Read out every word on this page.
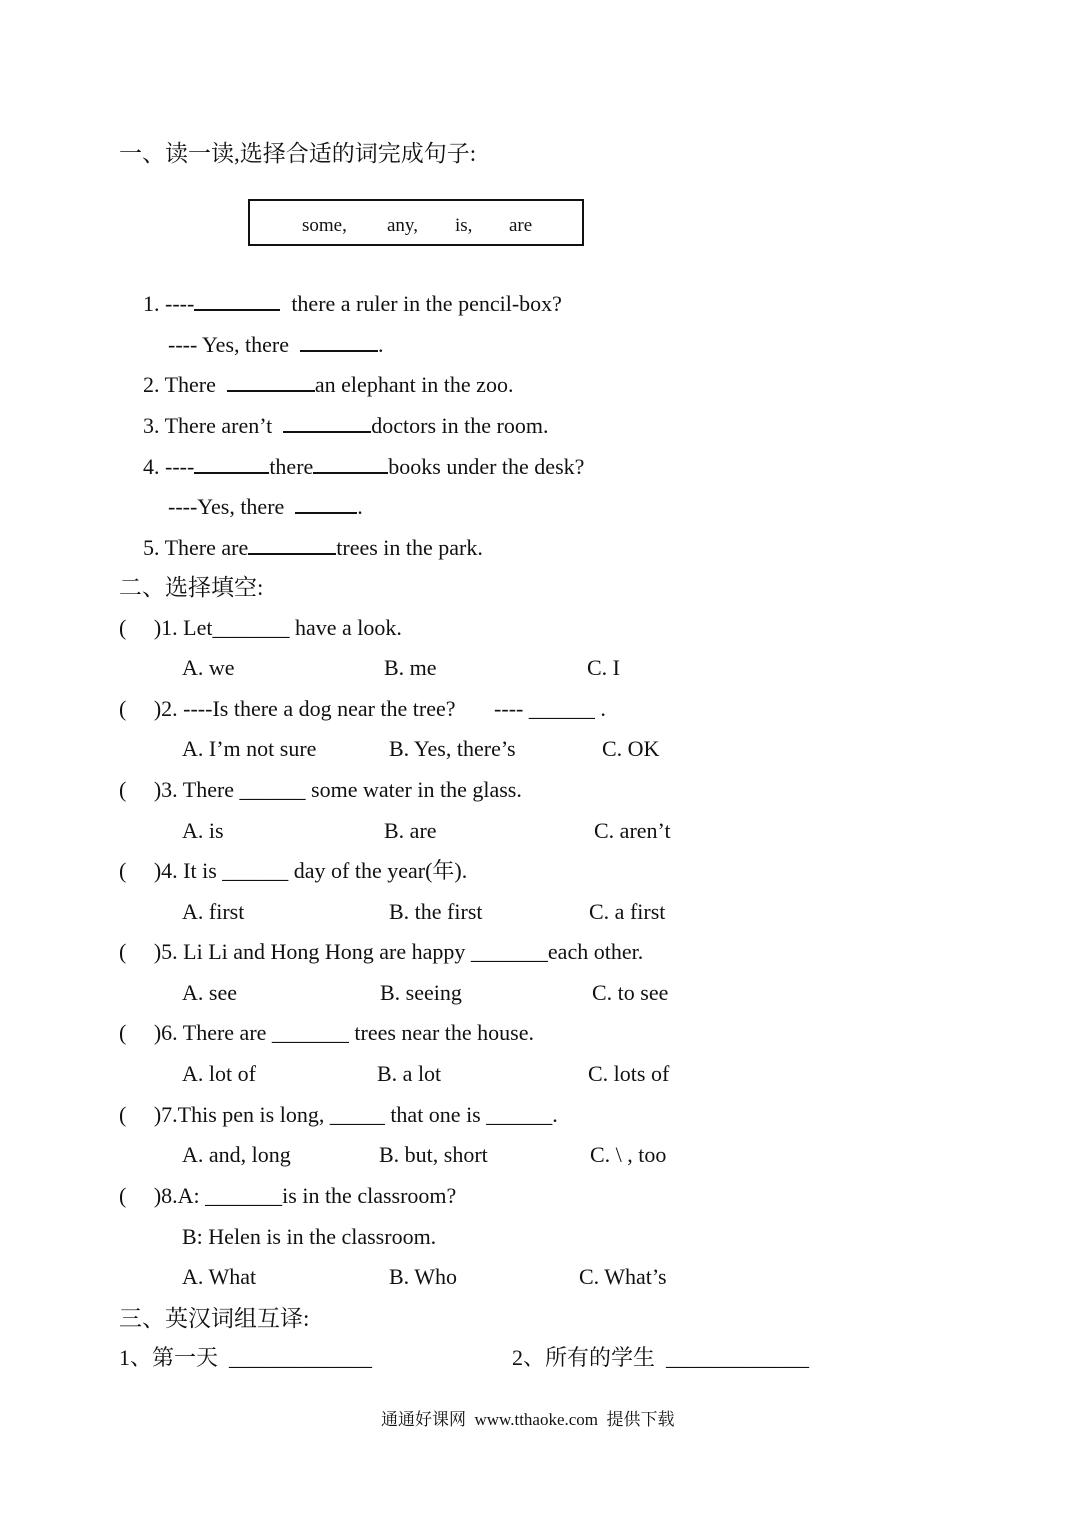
一、读一读,选择合适的词完成句子:
some, any, is, are
1. ----	there a ruler in the pencil-box?
---- Yes, there	.
2. There	an elephant in the zoo.
3. There aren’t	doctors in the room.
4. ----	there	books under the desk?
----Yes, there	.
5. There are	trees in the park.
二、选择填空:
(     )1. Let_______ have a look.
A. we	B. me	C. I
(     )2. ----Is there a dog near the tree?       ---- ______ .
A. I’m not sure	B. Yes, there’s	C. OK
(     )3. There ______ some water in the glass.
A. is	B. are	C. aren’t
(     )4. It is ______ day of the year(年).
A. first	B. the first	C. a first
(     )5. Li Li and Hong Hong are happy _______each other.
A. see	B. seeing	C. to see
(     )6. There are _______ trees near the house.
A. lot of	B. a lot	C. lots of
(     )7.This pen is long, _____ that one is ______.
A. and, long	B. but, short	C. \ , too
(     )8.A: _______is in the classroom?
B: Helen is in the classroom.
A. What	B. Who	C. What’s
三、英汉词组互译:
1、第一天  _____________	2、所有的学生  _____________
通通好课网  www.tthaoke.com  提供下载
